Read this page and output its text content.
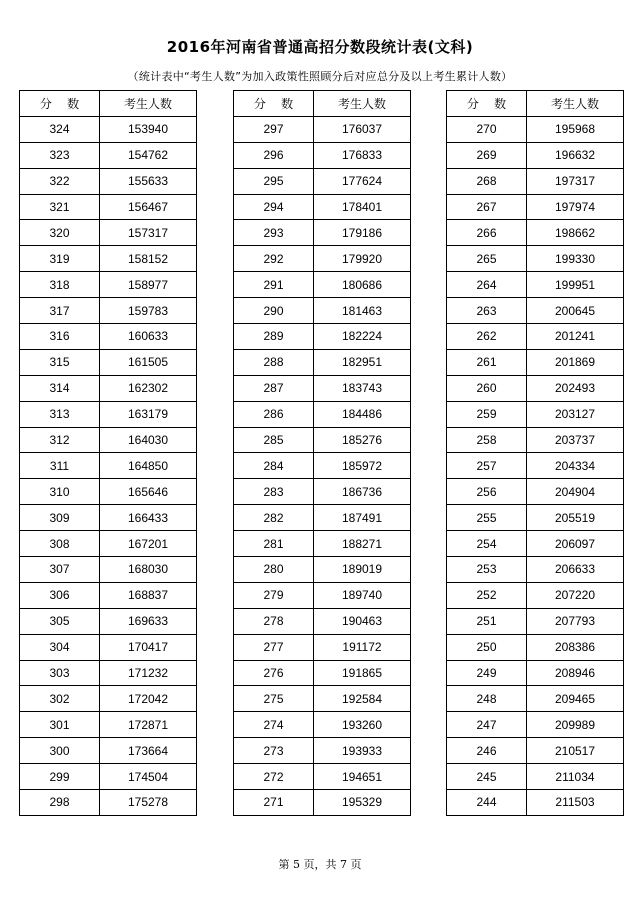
2016年河南省普通高招分数段统计表(文科)
（统计表中“考生人数”为加入政策性照顾分后对应总分及以上考生累计人数）
分    数	考生人数
324	153940
323	154762
322	155633
321	156467
320	157317
319	158152
318	158977
317	159783
316	160633
315	161505
314	162302
313	163179
312	164030
311	164850
310	165646
309	166433
308	167201
307	168030
306	168837
305	169633
304	170417
303	171232
302	172042
301	172871
300	173664
299	174504
298	175278
分    数	考生人数
297	176037
296	176833
295	177624
294	178401
293	179186
292	179920
291	180686
290	181463
289	182224
288	182951
287	183743
286	184486
285	185276
284	185972
283	186736
282	187491
281	188271
280	189019
279	189740
278	190463
277	191172
276	191865
275	192584
274	193260
273	193933
272	194651
271	195329
分    数	考生人数
270	195968
269	196632
268	197317
267	197974
266	198662
265	199330
264	199951
263	200645
262	201241
261	201869
260	202493
259	203127
258	203737
257	204334
256	204904
255	205519
254	206097
253	206633
252	207220
251	207793
250	208386
249	208946
248	209465
247	209989
246	210517
245	211034
244	211503
第 5 页，共 7 页
